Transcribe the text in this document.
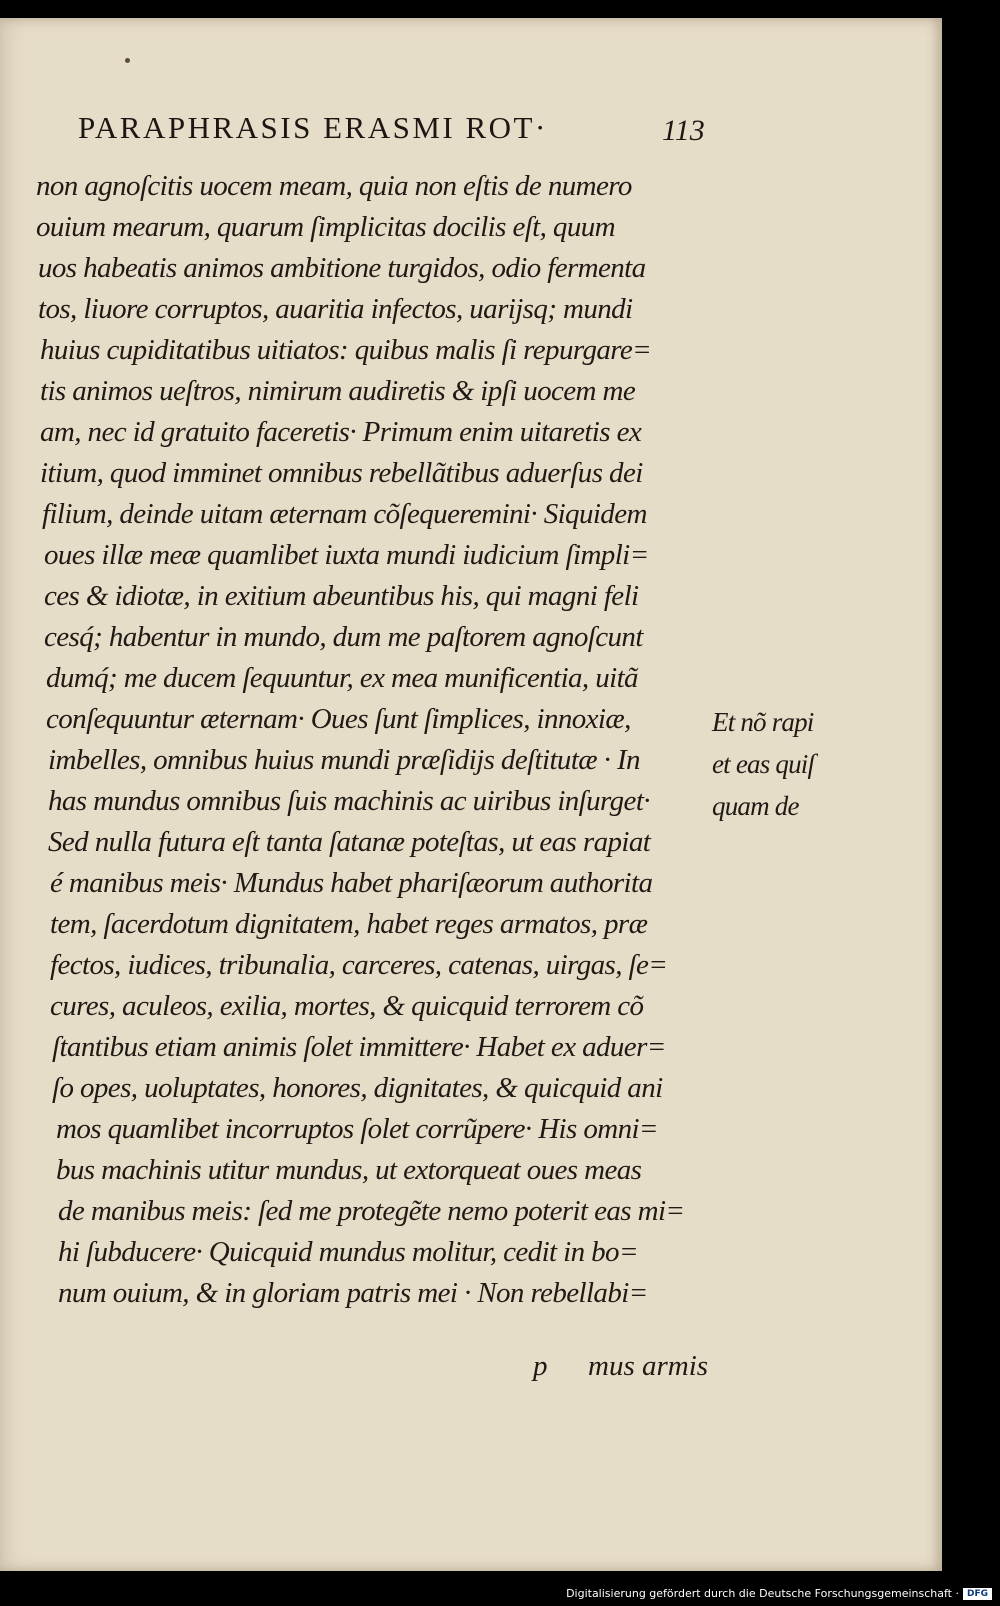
PARAPHRASIS ERASMI ROT·	113
non agnoſcitis uocem meam, quia non eſtis de numero
ouium mearum, quarum ſimplicitas docilis eſt, quum
uos habeatis animos ambitione turgidos, odio fermenta
tos, liuore corruptos, auaritia infectos, uarijsq; mundi
huius cupiditatibus uitiatos: quibus malis ſi repurgare=
tis animos ueſtros, nimirum audiretis & ipſi uocem me
am, nec id gratuito faceretis· Primum enim uitaretis ex
itium, quod imminet omnibus rebellãtibus aduerſus dei
filium, deinde uitam æternam cõſequeremini· Siquidem
oues illæ meæ quamlibet iuxta mundi iudicium ſimpli=
ces & idiotæ, in exitium abeuntibus his, qui magni feli
cesq́; habentur in mundo, dum me paſtorem agnoſcunt
dumq́; me ducem ſequuntur, ex mea munificentia, uitã
conſequuntur æternam· Oues ſunt ſimplices, innoxiæ,
imbelles, omnibus huius mundi præſidijs deſtitutæ · In
has mundus omnibus ſuis machinis ac uiribus inſurget·
Sed nulla futura eſt tanta ſatanæ poteſtas, ut eas rapiat
é manibus meis· Mundus habet phariſæorum authorita
tem, ſacerdotum dignitatem, habet reges armatos, præ
fectos, iudices, tribunalia, carceres, catenas, uirgas, ſe=
cures, aculeos, exilia, mortes, & quicquid terrorem cõ
ſtantibus etiam animis ſolet immittere· Habet ex aduer=
ſo opes, uoluptates, honores, dignitates, & quicquid ani
mos quamlibet incorruptos ſolet corrũpere· His omni=
bus machinis utitur mundus, ut extorqueat oues meas
de manibus meis: ſed me protegẽte nemo poterit eas mi=
hi ſubducere· Quicquid mundus molitur, cedit in bo=
num ouium, & in gloriam patris mei · Non rebellabi=
Et nõ rapi
et eas quiſ
quam de
p mus armis
Digitalisierung gefördert durch die Deutsche Forschungsgemeinschaft · DFG
